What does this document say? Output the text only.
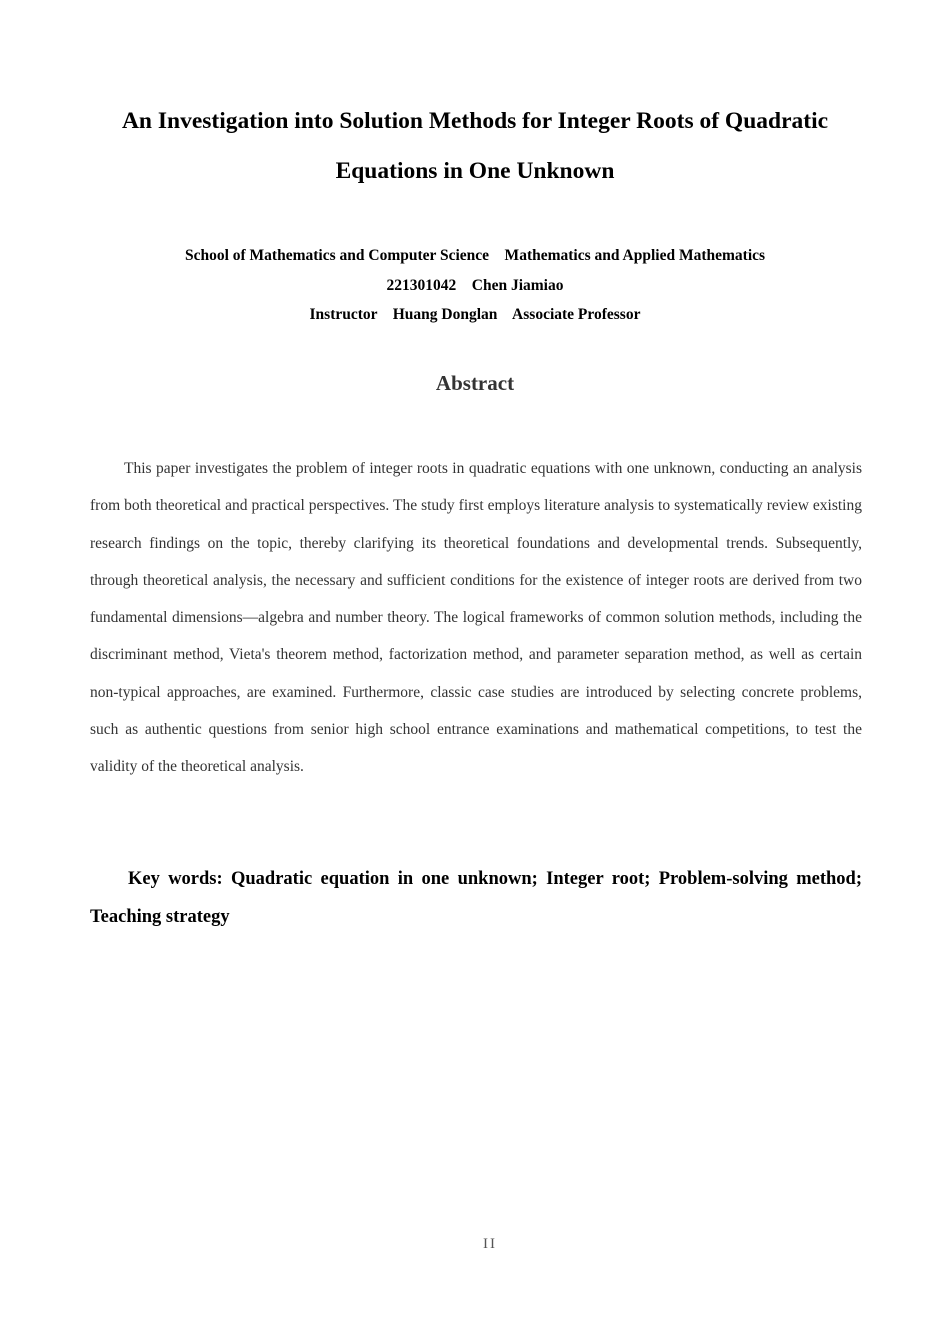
An Investigation into Solution Methods for Integer Roots of Quadratic
Equations in One Unknown
School of Mathematics and Computer Science    Mathematics and Applied Mathematics
221301042    Chen Jiamiao
Instructor    Huang Donglan    Associate Professor
Abstract

This paper investigates the problem of integer roots in quadratic equations with one unknown, conducting an analysis from both theoretical and practical perspectives. The study first employs literature analysis to systematically review existing research findings on the topic, thereby clarifying its theoretical foundations and developmental trends. Subsequently, through theoretical analysis, the necessary and sufficient conditions for the existence of integer roots are derived from two fundamental dimensions—algebra and number theory. The logical frameworks of common solution methods, including the discriminant method, Vieta's theorem method, factorization method, and parameter separation method, as well as certain non-typical approaches, are examined. Furthermore, classic case studies are introduced by selecting concrete problems, such as authentic questions from senior high school entrance examinations and mathematical competitions, to test the validity of the theoretical analysis.

Key words: Quadratic equation in one unknown; Integer root; Problem-solving method; Teaching strategy

II
